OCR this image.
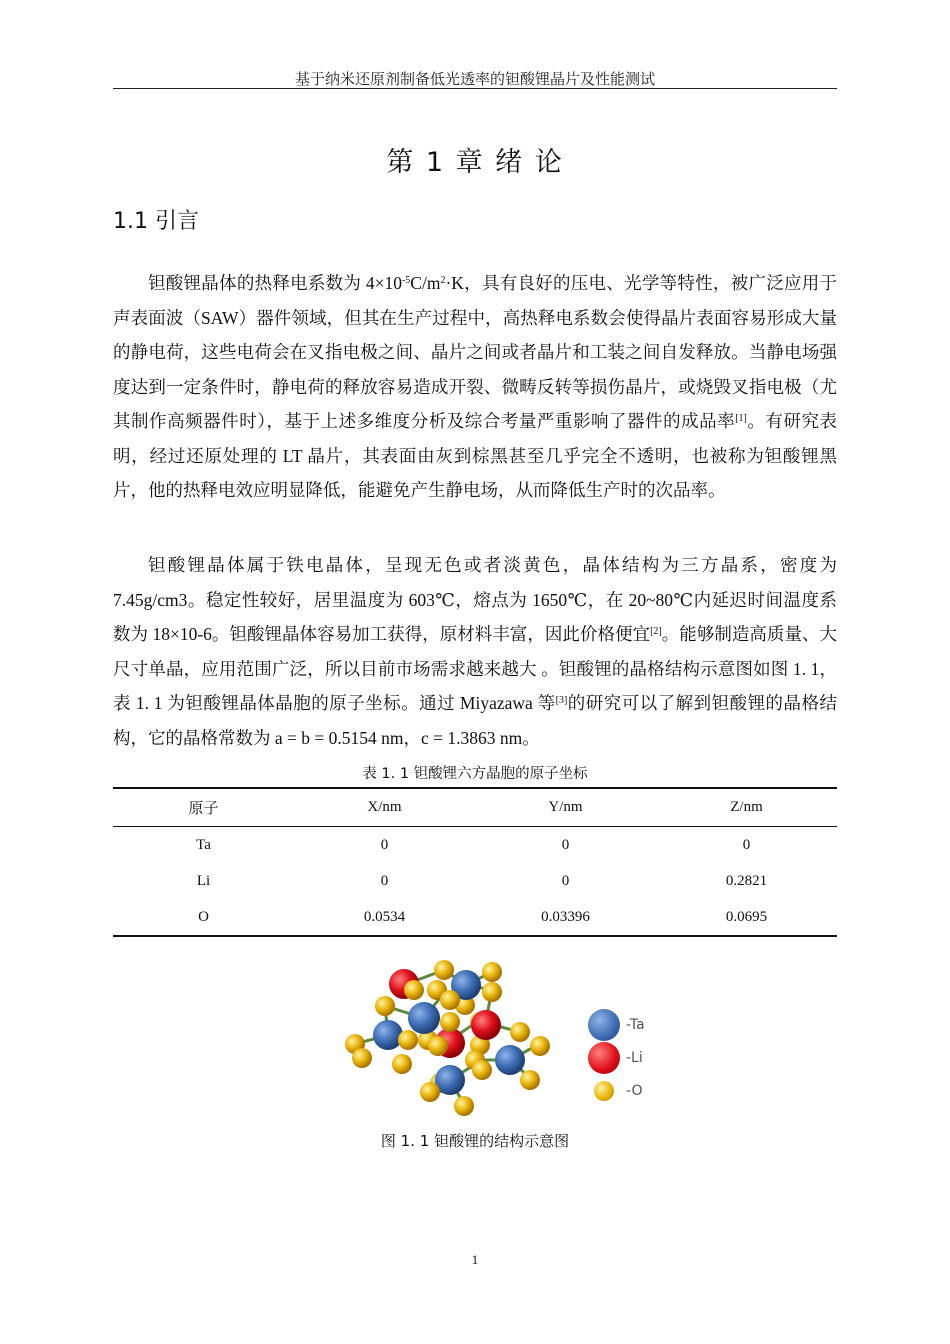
基于纳米还原剂制备低光透率的钽酸锂晶片及性能测试
第 1 章 绪 论
1.1 引言

钽酸锂晶体的热释电系数为 $4\times 10^{-5}C/m^2\cdot K$，具有良好的压电、光学等特性，被广泛应用于声表面波（SAW）器件领域，但其在生产过程中，高热释电系数会使得晶片表面容易形成大量的静电荷，这些电荷会在叉指电极之间、晶片之间或者晶片和工装之间自发释放。当静电场强度达到一定条件时，静电荷的释放容易造成开裂、微畴反转等损伤晶片，或烧毁叉指电极（尤其制作高频器件时），基于上述多维度分析及综合考量严重影响了器件的成品率[1]。有研究表明，经过还原处理的 LT 晶片，其表面由灰到棕黑甚至几乎完全不透明，也被称为钽酸锂黑片，他的热释电效应明显降低，能避免产生静电场，从而降低生产时的次品率。

钽酸锂晶体属于铁电晶体，呈现无色或者淡黄色，晶体结构为三方晶系，密度为 7.45g/cm3。稳定性较好，居里温度为 603℃，熔点为 1650℃，在 20~80℃内延迟时间温度系数为 18×10-6。钽酸锂晶体容易加工获得，原材料丰富，因此价格便宜[2]。能够制造高质量、大尺寸单晶，应用范围广泛，所以目前市场需求越来越大 。钽酸锂的晶格结构示意图如图 1. 1，表 1. 1 为钽酸锂晶体晶胞的原子坐标。通过 Miyazawa 等[3]的研究可以了解到钽酸锂的晶格结构，它的晶格常数为 a = b = 0.5154 nm，c = 1.3863 nm。

表 1. 1 钽酸锂六方晶胞的原子坐标
原子	X/nm	Y/nm	Z/nm
Ta	0	0	0
Li	0	0	0.2821
O	0.0534	0.03396	0.0695
-Ta
-Li
-O
图 1. 1 钽酸锂的结构示意图
1
